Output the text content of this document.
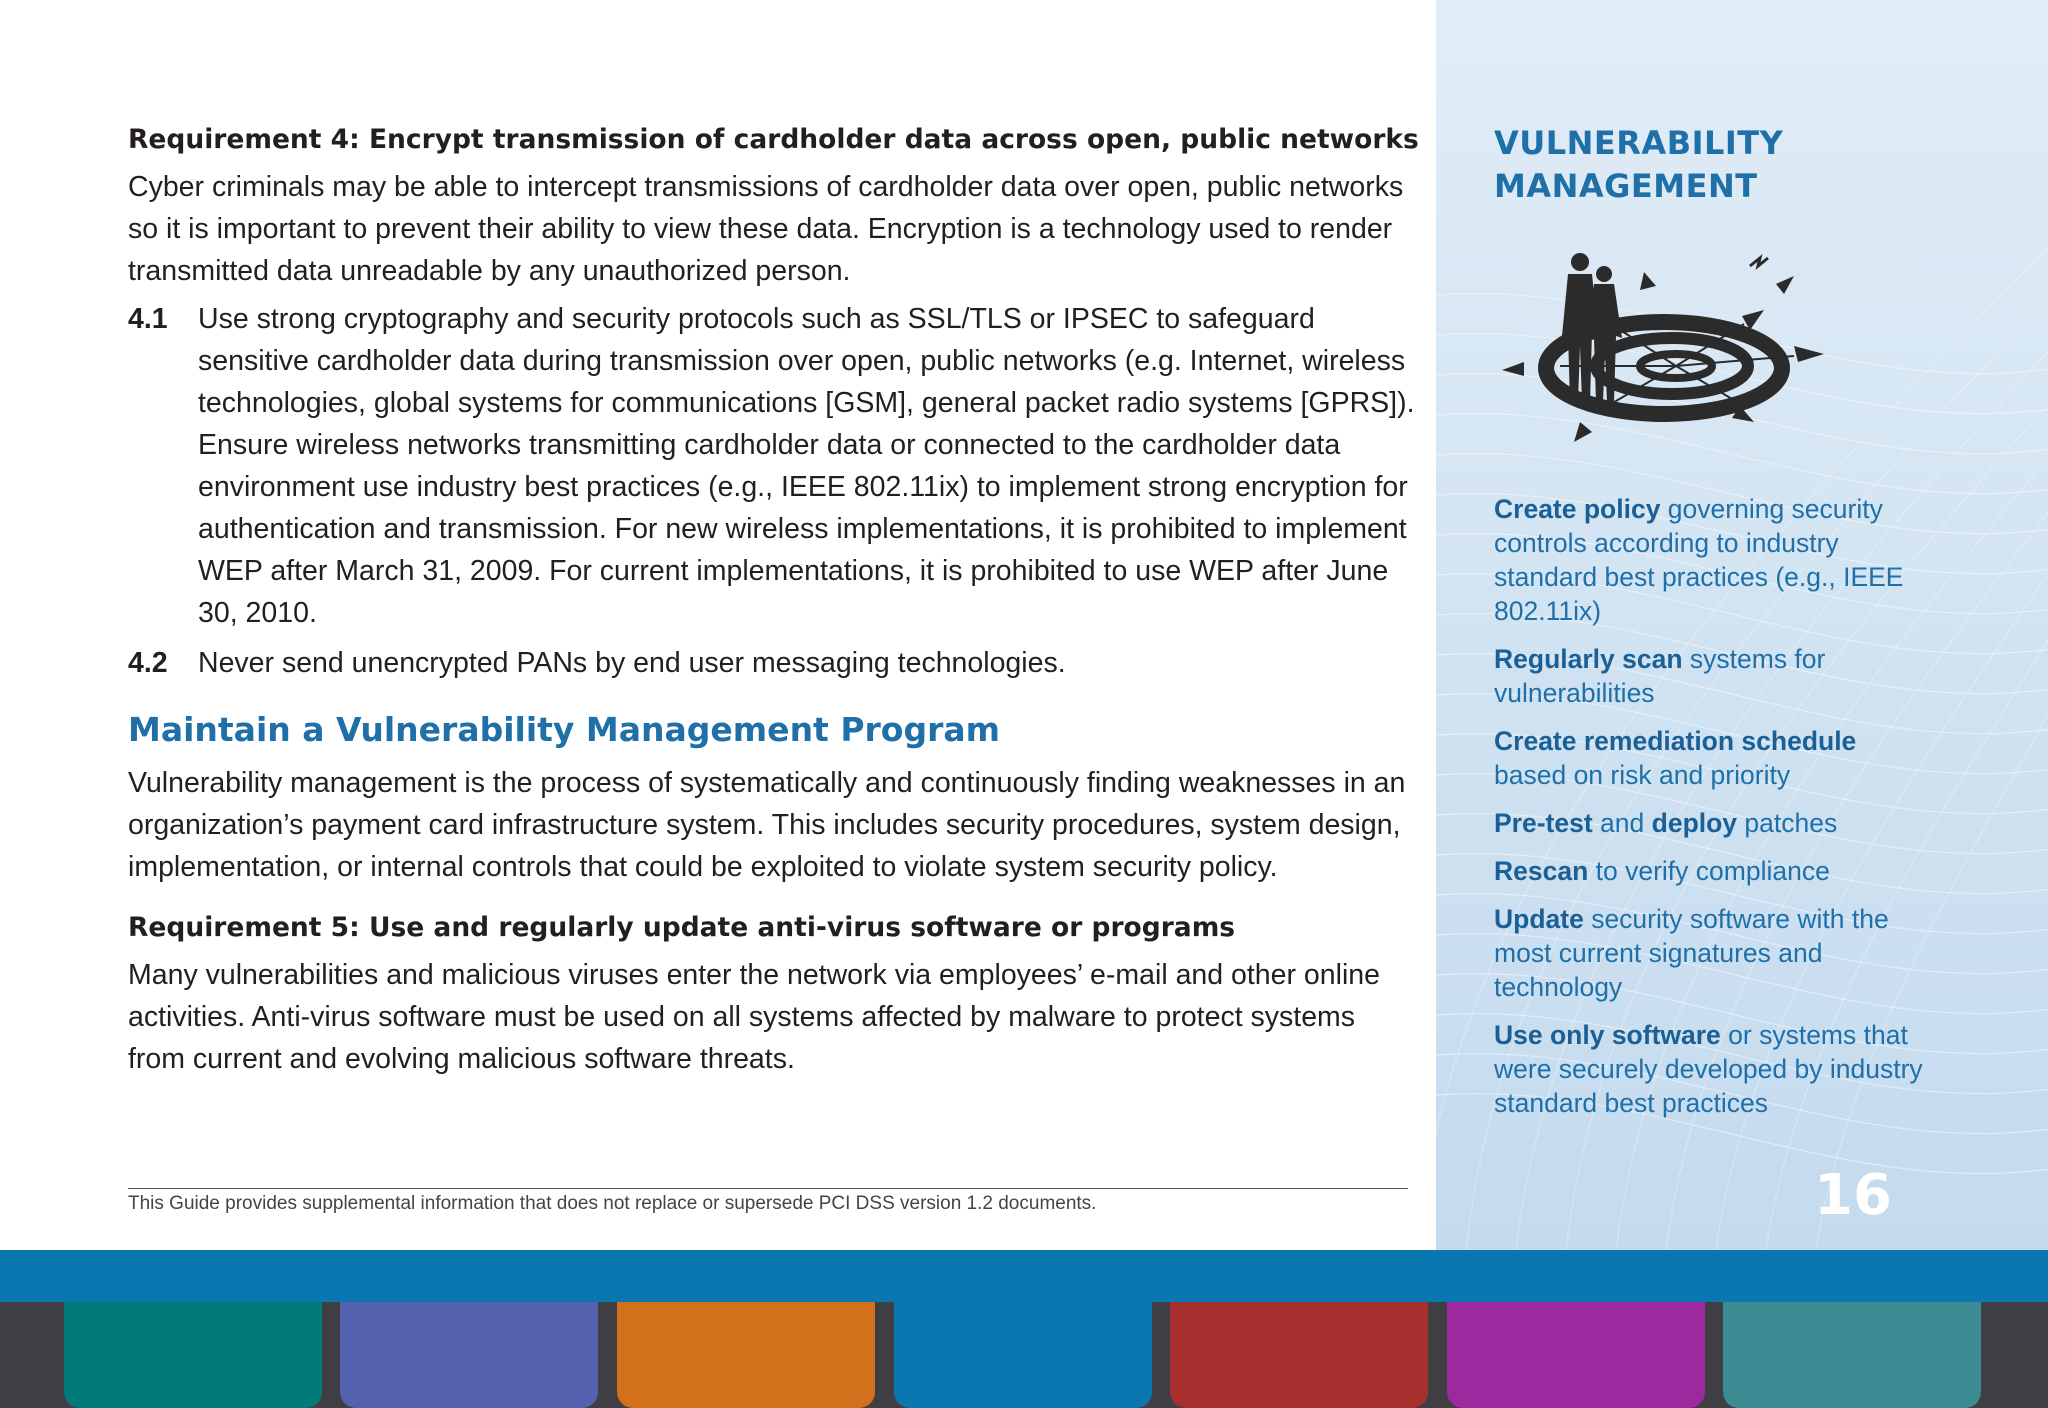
Requirement 4: Encrypt transmission of cardholder data across open, public networks

Cyber criminals may be able to intercept transmissions of cardholder data over open, public networks so it is important to prevent their ability to view these data. Encryption is a technology used to render transmitted data unreadable by any unauthorized person.

4.1	Use strong cryptography and security protocols such as SSL/TLS or IPSEC to safeguard sensitive cardholder data during transmission over open, public networks (e.g. Internet, wireless technologies, global systems for communications [GSM], general packet radio systems [GPRS]). Ensure wireless networks transmitting cardholder data or connected to the cardholder data environment use industry best practices (e.g., IEEE 802.11ix) to implement strong encryption for authentication and transmission. For new wireless implementations, it is prohibited to implement WEP after March 31, 2009. For current implementations, it is prohibited to use WEP after June 30, 2010.
4.2	Never send unencrypted PANs by end user messaging technologies.
Maintain a Vulnerability Management Program

Vulnerability management is the process of systematically and continuously finding weaknesses in an organization’s payment card infrastructure system. This includes security procedures, system design, implementation, or internal controls that could be exploited to violate system security policy.

Requirement 5: Use and regularly update anti-virus software or programs

Many vulnerabilities and malicious viruses enter the network via employees’ e-mail and other online activities. Anti-virus software must be used on all systems affected by malware to protect systems from current and evolving malicious software threats.

This Guide provides supplemental information that does not replace or supersede PCI DSS version 1.2 documents.
VULNERABILITY
MANAGEMENT
Create policy governing security controls according to industry standard best practices (e.g., IEEE 802.11ix)
Regularly scan systems for vulnerabilities
Create remediation schedule based on risk and priority
Pre-test and deploy patches
Rescan to verify compliance
Update security software with the most current signatures and technology
Use only software or systems that were securely developed by industry standard best practices
16
